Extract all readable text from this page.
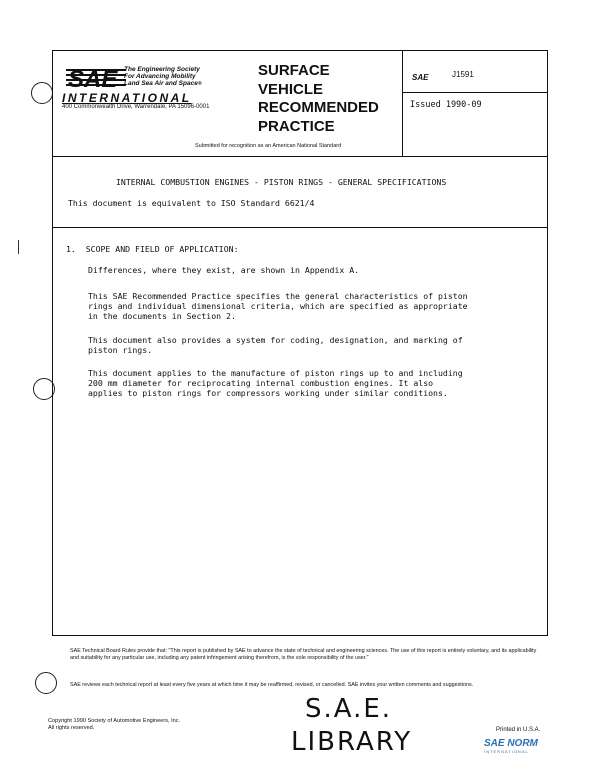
SAE The Engineering Society
For Advancing Mobility
Land Sea Air and Space®
INTERNATIONAL
400 Commonwealth Drive, Warrendale, PA 15096-0001
SURFACE
VEHICLE
RECOMMENDED
PRACTICE
Submitted for recognition as an American National Standard
SAE	J1591
Issued 1990-09
INTERNAL COMBUSTION ENGINES - PISTON RINGS - GENERAL SPECIFICATIONS
This document is equivalent to ISO Standard 6621/4
1.  SCOPE AND FIELD OF APPLICATION:
Differences, where they exist, are shown in Appendix A.
This SAE Recommended Practice specifies the general characteristics of piston
rings and individual dimensional criteria, which are specified as appropriate
in the documents in Section 2.
This document also provides a system for coding, designation, and marking of
piston rings.
This document applies to the manufacture of piston rings up to and including
200 mm diameter for reciprocating internal combustion engines. It also
applies to piston rings for compressors working under similar conditions.
SAE Technical Board Rules provide that: "This report is published by SAE to advance the state of technical and engineering sciences. The use of this report is entirely voluntary, and its applicability and suitability for any particular use, including any patent infringement arising therefrom, is the sole responsibility of the user."
SAE reviews each technical report at least every five years at which time it may be reaffirmed, revised, or cancelled. SAE invites your written comments and suggestions.
Copyright 1990 Society of Automotive Engineers, Inc.
All rights reserved.
S.A.E.
LIBRARY	Printed in U.S.A.
SAE NORM
INTERNATIONAL
